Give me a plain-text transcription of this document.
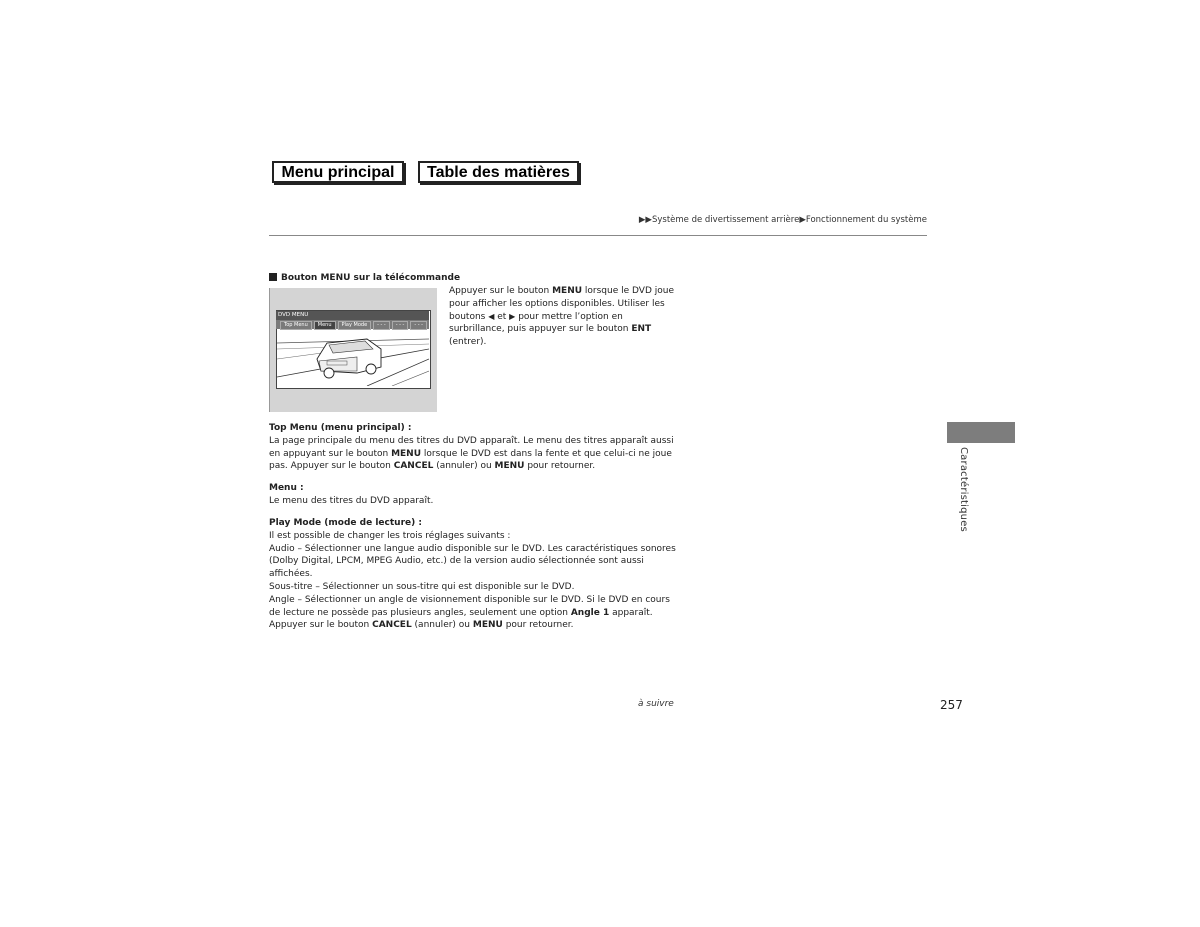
Menu principal	Table des matières
▶▶Système de divertissement arrière▶Fonctionnement du système
Bouton MENU sur la télécommande
DVD MENU
Top Menu	Menu	Play Mode	- - -	- - -	- - -
Appuyer sur le bouton MENU lorsque le DVD joue pour afficher les options disponibles. Utiliser les boutons ◀ et ▶ pour mettre l’option en surbrillance, puis appuyer sur le bouton ENT (entrer).

Top Menu (menu principal) :

La page principale du menu des titres du DVD apparaît. Le menu des titres apparaît aussi en appuyant sur le bouton MENU lorsque le DVD est dans la fente et que celui-ci ne joue pas. Appuyer sur le bouton CANCEL (annuler) ou MENU pour retourner.

Menu :

Le menu des titres du DVD apparaît.

Play Mode (mode de lecture) :

Il est possible de changer les trois réglages suivants :

Audio – Sélectionner une langue audio disponible sur le DVD. Les caractéristiques sonores (Dolby Digital, LPCM, MPEG Audio, etc.) de la version audio sélectionnée sont aussi affichées.

Sous-titre – Sélectionner un sous-titre qui est disponible sur le DVD.

Angle – Sélectionner un angle de visionnement disponible sur le DVD. Si le DVD en cours de lecture ne possède pas plusieurs angles, seulement une option Angle 1 apparaît. Appuyer sur le bouton CANCEL (annuler) ou MENU pour retourner.

Caractéristiques
à suivre	257
